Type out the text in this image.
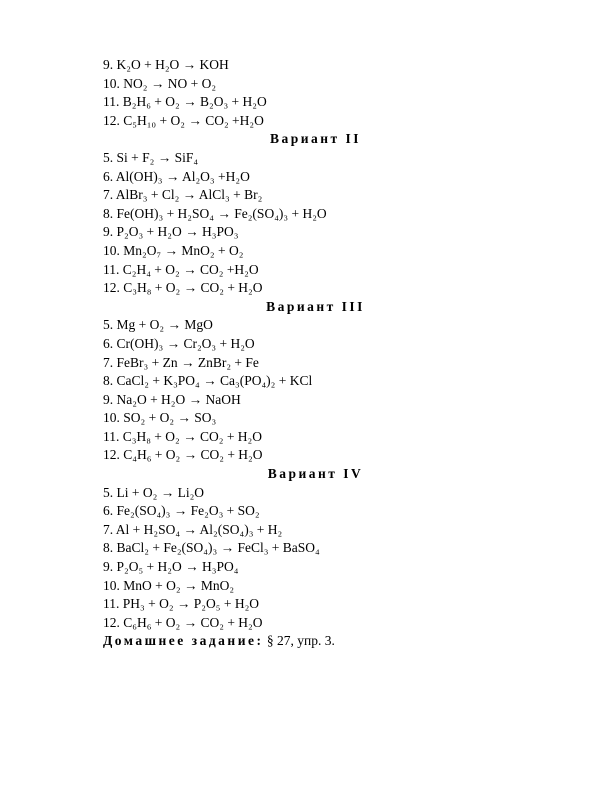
9. K₂O + H₂O → KOH
10. NO₂ → NO + O₂
11. B₂H₆ + O₂ → B₂O₃ + H₂O
12. C₅H₁₀ + O₂ → CO₂ +H₂O
Вариант II
5. Si + F₂ → SiF₄
6. Al(OH)₃ → Al₂O₃ +H₂O
7. AlBr₃ + Cl₂ → AlCl₃ + Br₂
8. Fe(OH)₃ + H₂SO₄ → Fe₂(SO₄)₃ + H₂O
9. P₂O₃ + H₂O → H₃PO₃
10. Mn₂O₇ → MnO₂ + O₂
11. C₂H₄ + O₂ → CO₂ +H₂O
12. C₃H₈ + O₂ → CO₂ + H₂O
Вариант III
5. Mg + O₂ → MgO
6. Cr(OH)₃ → Cr₂O₃ + H₂O
7. FeBr₃ + Zn → ZnBr₂ + Fe
8. CaCl₂ + K₃PO₄ → Ca₃(PO₄)₂ + KCl
9. Na₂O + H₂O → NaOH
10. SO₂ + O₂ → SO₃
11. C₃H₈ + O₂ → CO₂ + H₂O
12. C₄H₆ + O₂ → CO₂ + H₂O
Вариант IV
5. Li + O₂ → Li₂O
6. Fe₂(SO₄)₃ → Fe₂O₃ + SO₂
7. Al + H₂SO₄ → Al₂(SO₄)₃ + H₂
8. BaCl₂ + Fe₂(SO₄)₃ → FeCl₃ + BaSO₄
9. P₂O₅ + H₂O → H₃PO₄
10. MnO + O₂ → MnO₂
11. PH₃ + O₂ → P₂O₅ + H₂O
12. C₆H₆ + O₂ → CO₂ + H₂O
Домашнее задание: § 27, упр. 3.
